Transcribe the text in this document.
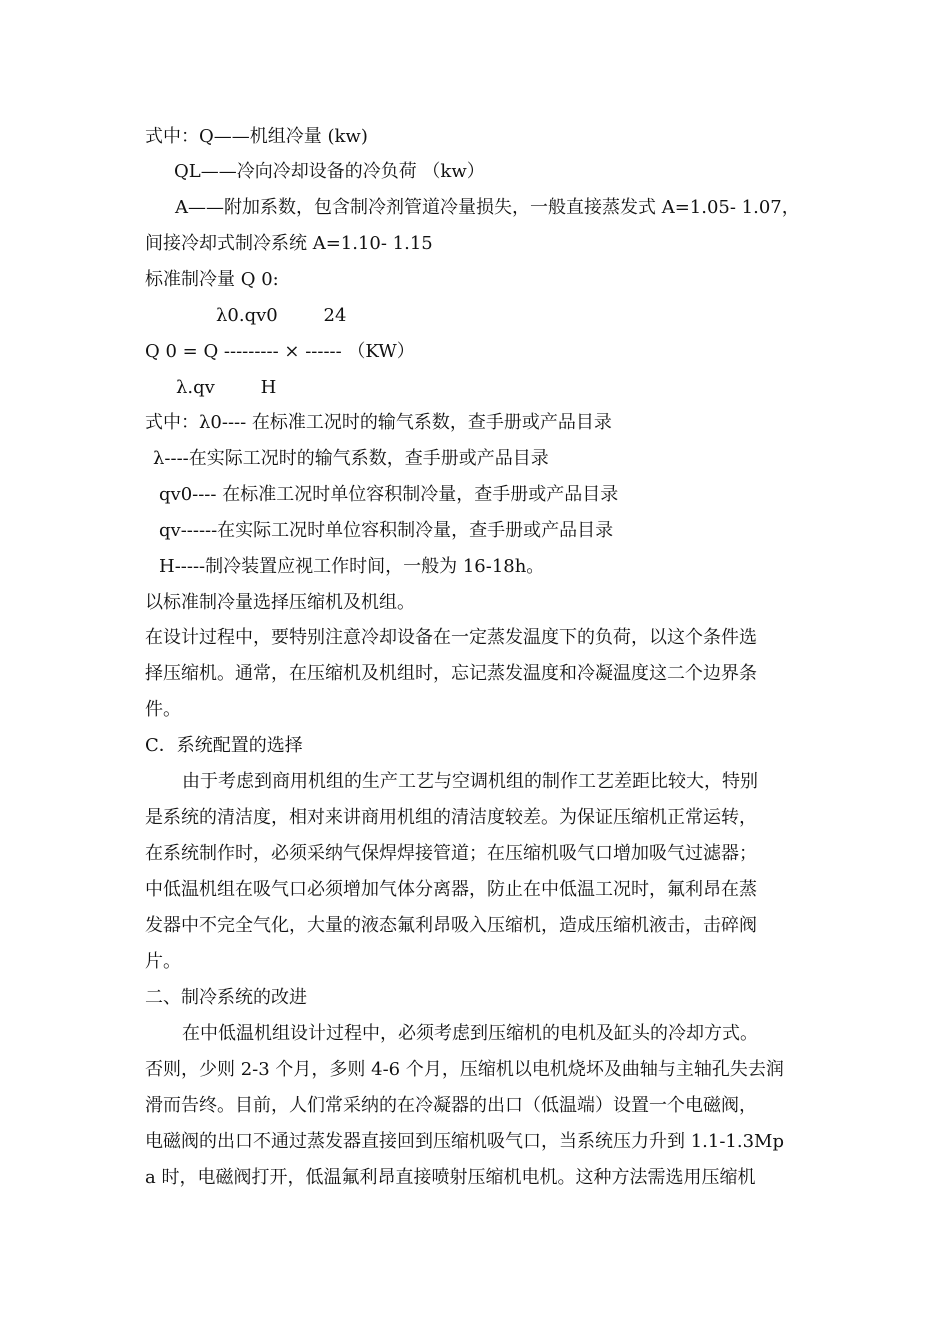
式中：Q——机组冷量 (kw)
QL——冷向冷却设备的冷负荷 （kw）
A——附加系数，包含制冷剂管道冷量损失，一般直接蒸发式 A=1.05- 1.07，
间接冷却式制冷系统 A=1.10- 1.15
标准制冷量 Q 0:
λ0.qv0        24
Q 0 = Q --------- × ------ （KW）
λ.qv        H
式中：λ0---- 在标准工况时的输气系数，查手册或产品目录
λ----在实际工况时的输气系数，查手册或产品目录
qv0---- 在标准工况时单位容积制冷量，查手册或产品目录
qv------在实际工况时单位容积制冷量，查手册或产品目录
H-----制冷装置应视工作时间，一般为 16-18h。
以标准制冷量选择压缩机及机组。
在设计过程中，要特别注意冷却设备在一定蒸发温度下的负荷，以这个条件选
择压缩机。通常，在压缩机及机组时，忘记蒸发温度和冷凝温度这二个边界条
件。
C．系统配置的选择
由于考虑到商用机组的生产工艺与空调机组的制作工艺差距比较大，特别
是系统的清洁度，相对来讲商用机组的清洁度较差。为保证压缩机正常运转，
在系统制作时，必须采纳气保焊焊接管道；在压缩机吸气口增加吸气过滤器；
中低温机组在吸气口必须增加气体分离器，防止在中低温工况时，氟利昂在蒸
发器中不完全气化，大量的液态氟利昂吸入压缩机，造成压缩机液击，击碎阀
片。
二、制冷系统的改进
在中低温机组设计过程中，必须考虑到压缩机的电机及缸头的冷却方式。
否则，少则 2-3 个月，多则 4-6 个月，压缩机以电机烧坏及曲轴与主轴孔失去润
滑而告终。目前，人们常采纳的在冷凝器的出口（低温端）设置一个电磁阀，
电磁阀的出口不通过蒸发器直接回到压缩机吸气口，当系统压力升到 1.1-1.3Mp
a 时，电磁阀打开，低温氟利昂直接喷射压缩机电机。这种方法需选用压缩机
